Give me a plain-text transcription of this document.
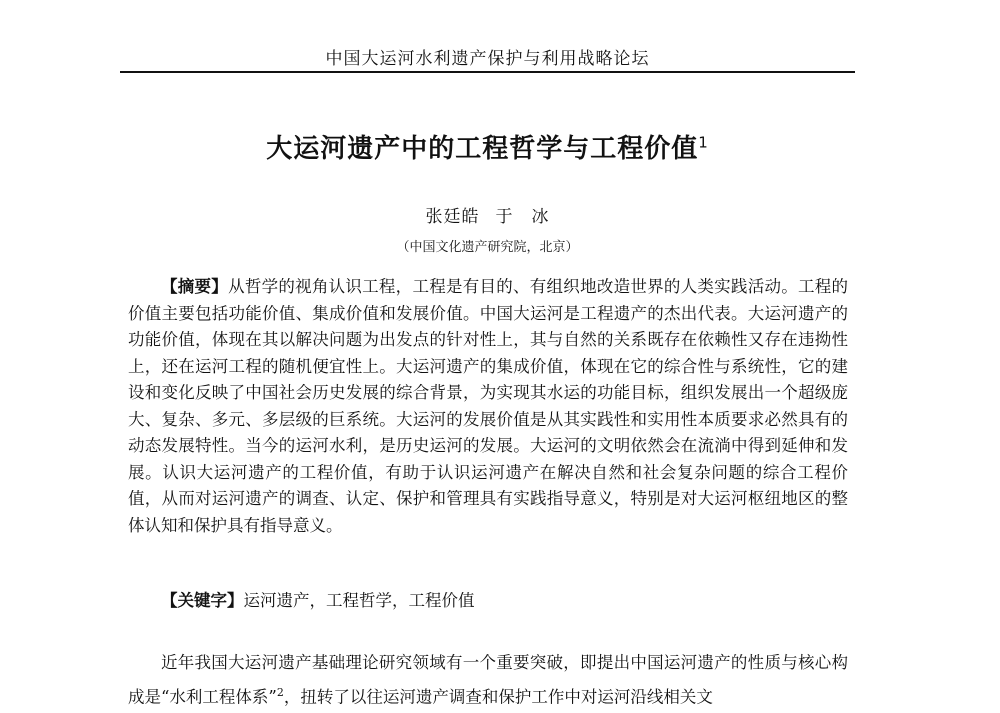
中国大运河水利遗产保护与利用战略论坛
大运河遗产中的工程哲学与工程价值$^1$
张廷皓 于　冰
（中国文化遗产研究院，北京）

【摘要】从哲学的视角认识工程，工程是有目的、有组织地改造世界的人类实践活动。工程的价值主要包括功能价值、集成价值和发展价值。中国大运河是工程遗产的杰出代表。大运河遗产的功能价值，体现在其以解决问题为出发点的针对性上，其与自然的关系既存在依赖性又存在违拗性上，还在运河工程的随机便宜性上。大运河遗产的集成价值，体现在它的综合性与系统性，它的建设和变化反映了中国社会历史发展的综合背景，为实现其水运的功能目标，组织发展出一个超级庞大、复杂、多元、多层级的巨系统。大运河的发展价值是从其实践性和实用性本质要求必然具有的动态发展特性。当今的运河水利，是历史运河的发展。大运河的文明依然会在流淌中得到延伸和发展。认识大运河遗产的工程价值，有助于认识运河遗产在解决自然和社会复杂问题的综合工程价值，从而对运河遗产的调查、认定、保护和管理具有实践指导意义，特别是对大运河枢纽地区的整体认知和保护具有指导意义。

【关键字】运河遗产，工程哲学，工程价值

近年我国大运河遗产基础理论研究领域有一个重要突破，即提出中国运河遗产的性质与核心构成是“水利工程体系”$^2$，扭转了以往运河遗产调查和保护工作中对运河沿线相关文
